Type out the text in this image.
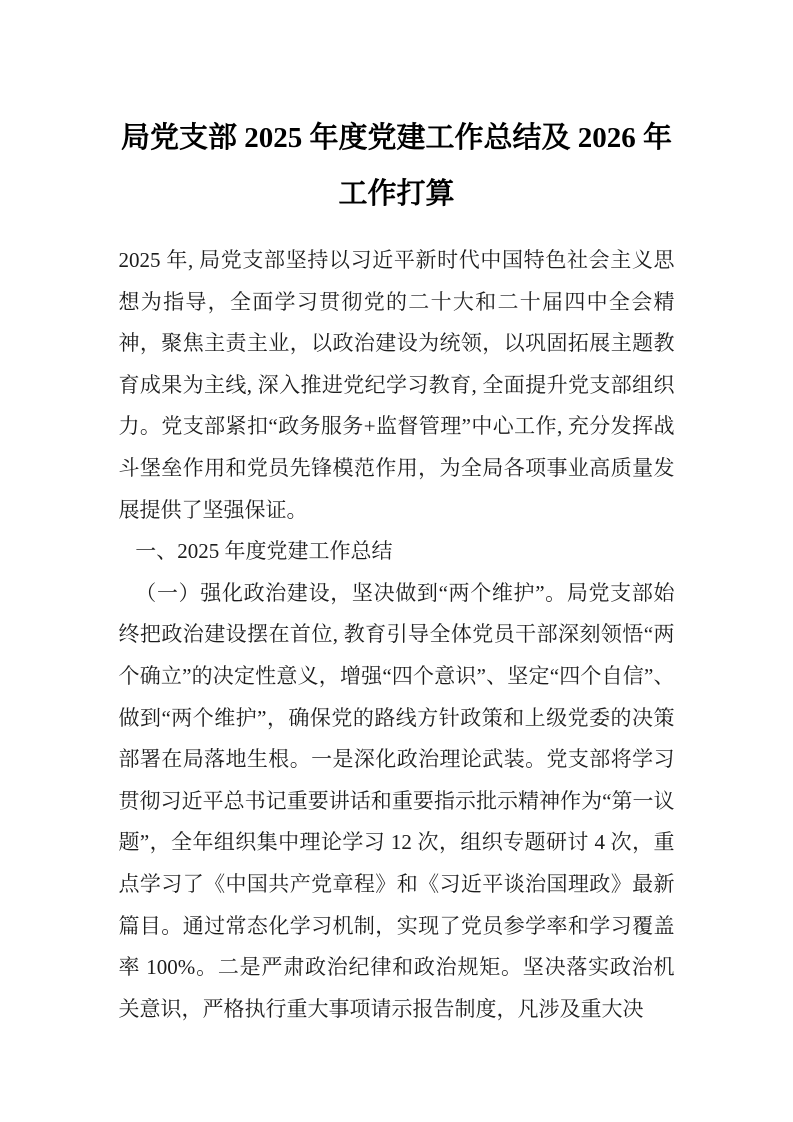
局党支部 2025 年度党建工作总结及 2026 年工作打算

2025 年, 局党支部坚持以习近平新时代中国特色社会主义思想为指导，全面学习贯彻党的二十大和二十届四中全会精神，聚焦主责主业，以政治建设为统领，以巩固拓展主题教育成果为主线, 深入推进党纪学习教育, 全面提升党支部组织力。党支部紧扣“政务服务+监督管理”中心工作, 充分发挥战斗堡垒作用和党员先锋模范作用，为全局各项事业高质量发展提供了坚强保证。

一、2025 年度党建工作总结

（一）强化政治建设，坚决做到“两个维护”。局党支部始终把政治建设摆在首位, 教育引导全体党员干部深刻领悟“两个确立”的决定性意义，增强“四个意识”、坚定“四个自信”、做到“两个维护”，确保党的路线方针政策和上级党委的决策部署在局落地生根。一是深化政治理论武装。党支部将学习贯彻习近平总书记重要讲话和重要指示批示精神作为“第一议题”，全年组织集中理论学习 12 次，组织专题研讨 4 次，重点学习了《中国共产党章程》和《习近平谈治国理政》最新篇目。通过常态化学习机制，实现了党员参学率和学习覆盖率 100%。二是严肃政治纪律和政治规矩。坚决落实政治机关意识，严格执行重大事项请示报告制度，凡涉及重大决
